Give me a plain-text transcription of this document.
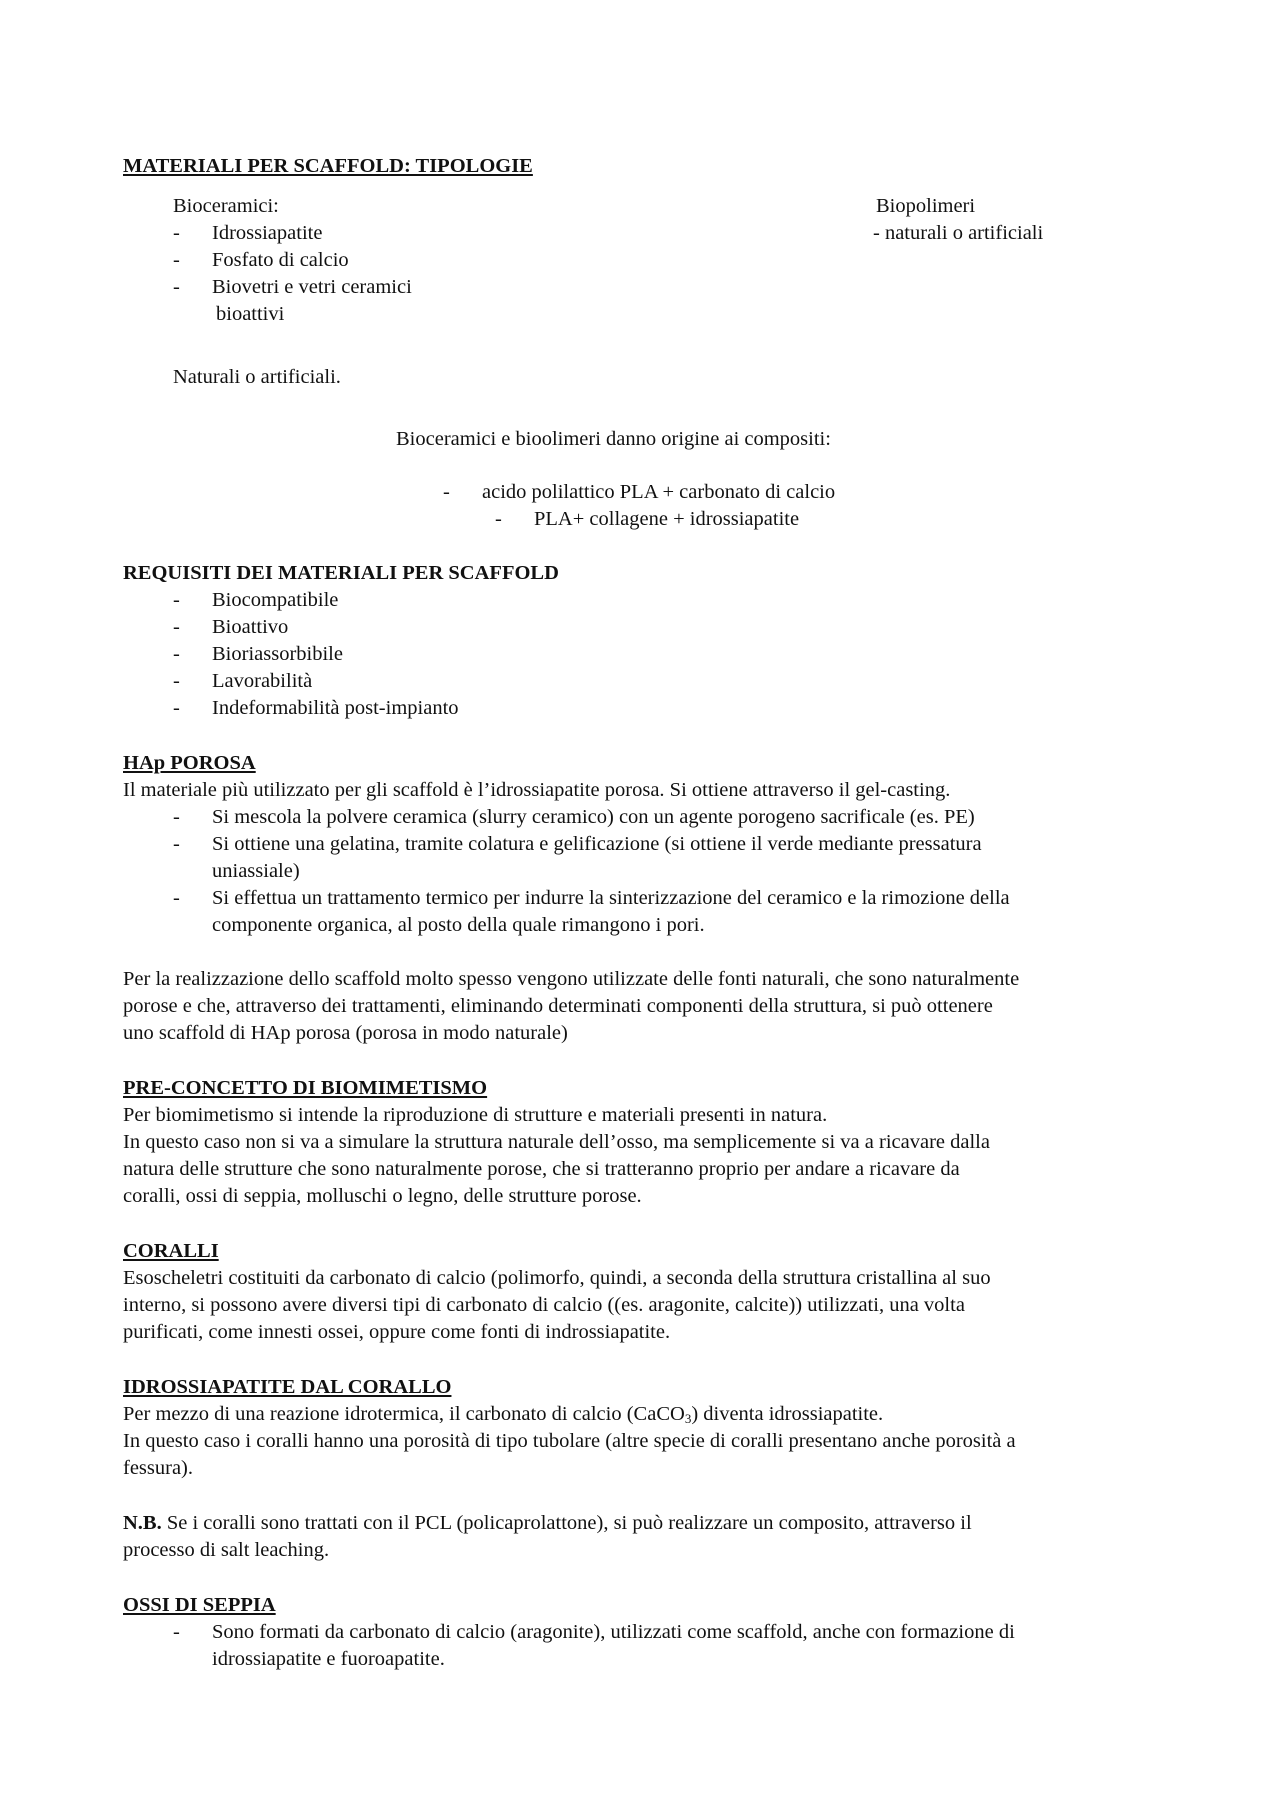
MATERIALI PER SCAFFOLD: TIPOLOGIE
Bioceramici:
- Idrossiapatite
- Fosfato di calcio
- Biovetri e vetri ceramici
bioattivi
Biopolimeri
- naturali o artificiali
Naturali o artificiali.
Bioceramici e bioolimeri danno origine ai compositi:
- acido polilattico PLA + carbonato di calcio
- PLA+ collagene + idrossiapatite
REQUISITI DEI MATERIALI PER SCAFFOLD
- Biocompatibile
- Bioattivo
- Bioriassorbibile
- Lavorabilità
- Indeformabilità post-impianto
HAp POROSA
Il materiale più utilizzato per gli scaffold è l’idrossiapatite porosa. Si ottiene attraverso il gel-casting.
- Si mescola la polvere ceramica (slurry ceramico) con un agente porogeno sacrificale (es. PE)
- Si ottiene una gelatina, tramite colatura e gelificazione (si ottiene il verde mediante pressatura
uniassiale)
- Si effettua un trattamento termico per indurre la sinterizzazione del ceramico e la rimozione della
componente organica, al posto della quale rimangono i pori.
Per la realizzazione dello scaffold molto spesso vengono utilizzate delle fonti naturali, che sono naturalmente
porose e che, attraverso dei trattamenti, eliminando determinati componenti della struttura, si può ottenere
uno scaffold di HAp porosa (porosa in modo naturale)
PRE-CONCETTO DI BIOMIMETISMO
Per biomimetismo si intende la riproduzione di strutture e materiali presenti in natura.
In questo caso non si va a simulare la struttura naturale dell’osso, ma semplicemente si va a ricavare dalla
natura delle strutture che sono naturalmente porose, che si tratteranno proprio per andare a ricavare da
coralli, ossi di seppia, molluschi o legno, delle strutture porose.
CORALLI
Esoscheletri costituiti da carbonato di calcio (polimorfo, quindi, a seconda della struttura cristallina al suo
interno, si possono avere diversi tipi di carbonato di calcio ((es. aragonite, calcite)) utilizzati, una volta
purificati, come innesti ossei, oppure come fonti di indrossiapatite.
IDROSSIAPATITE DAL CORALLO
Per mezzo di una reazione idrotermica, il carbonato di calcio (CaCO$_3$) diventa idrossiapatite.
In questo caso i coralli hanno una porosità di tipo tubolare (altre specie di coralli presentano anche porosità a
fessura).
N.B. Se i coralli sono trattati con il PCL (policaprolattone), si può realizzare un composito, attraverso il
processo di salt leaching.
OSSI DI SEPPIA
- Sono formati da carbonato di calcio (aragonite), utilizzati come scaffold, anche con formazione di
idrossiapatite e fuoroapatite.
